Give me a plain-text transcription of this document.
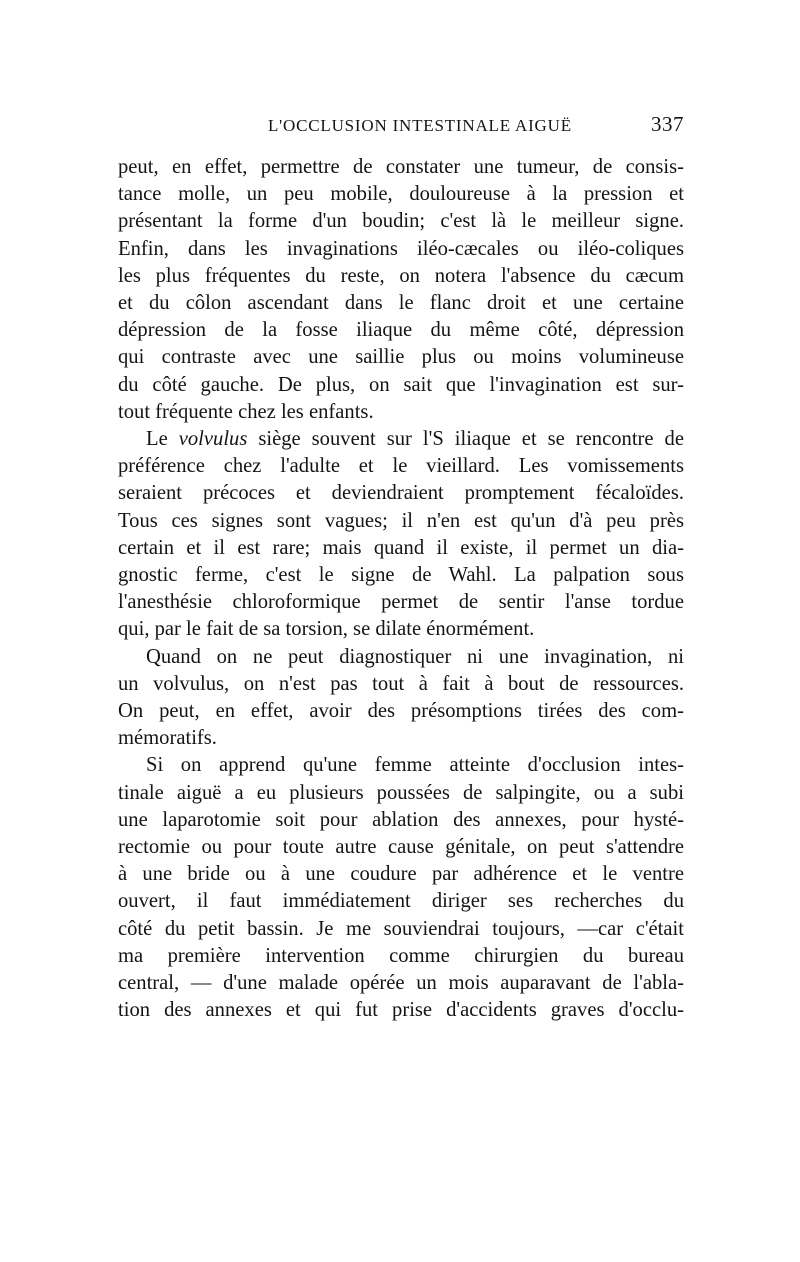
L'OCCLUSION INTESTINALE AIGUË	337

peut, en effet, permettre de constater une tumeur, de consis-
tance molle, un peu mobile, douloureuse à la pression et
présentant la forme d'un boudin; c'est là le meilleur signe.
Enfin, dans les invaginations iléo-cæcales ou iléo-coliques
les plus fréquentes du reste, on notera l'absence du cæcum
et du côlon ascendant dans le flanc droit et une certaine
dépression de la fosse iliaque du même côté, dépression
qui contraste avec une saillie plus ou moins volumineuse
du côté gauche. De plus, on sait que l'invagination est sur-
tout fréquente chez les enfants.

Le volvulus siège souvent sur l'S iliaque et se rencontre de
préférence chez l'adulte et le vieillard. Les vomissements
seraient précoces et deviendraient promptement fécaloïdes.
Tous ces signes sont vagues; il n'en est qu'un d'à peu près
certain et il est rare; mais quand il existe, il permet un dia-
gnostic ferme, c'est le signe de Wahl. La palpation sous
l'anesthésie chloroformique permet de sentir l'anse tordue
qui, par le fait de sa torsion, se dilate énormément.

Quand on ne peut diagnostiquer ni une invagination, ni
un volvulus, on n'est pas tout à fait à bout de ressources.
On peut, en effet, avoir des présomptions tirées des com-
mémoratifs.

Si on apprend qu'une femme atteinte d'occlusion intes-
tinale aiguë a eu plusieurs poussées de salpingite, ou a subi
une laparotomie soit pour ablation des annexes, pour hysté-
rectomie ou pour toute autre cause génitale, on peut s'attendre
à une bride ou à une coudure par adhérence et le ventre
ouvert, il faut immédiatement diriger ses recherches du
côté du petit bassin. Je me souviendrai toujours, —car c'était
ma première intervention comme chirurgien du bureau
central, — d'une malade opérée un mois auparavant de l'abla-
tion des annexes et qui fut prise d'accidents graves d'occlu-
